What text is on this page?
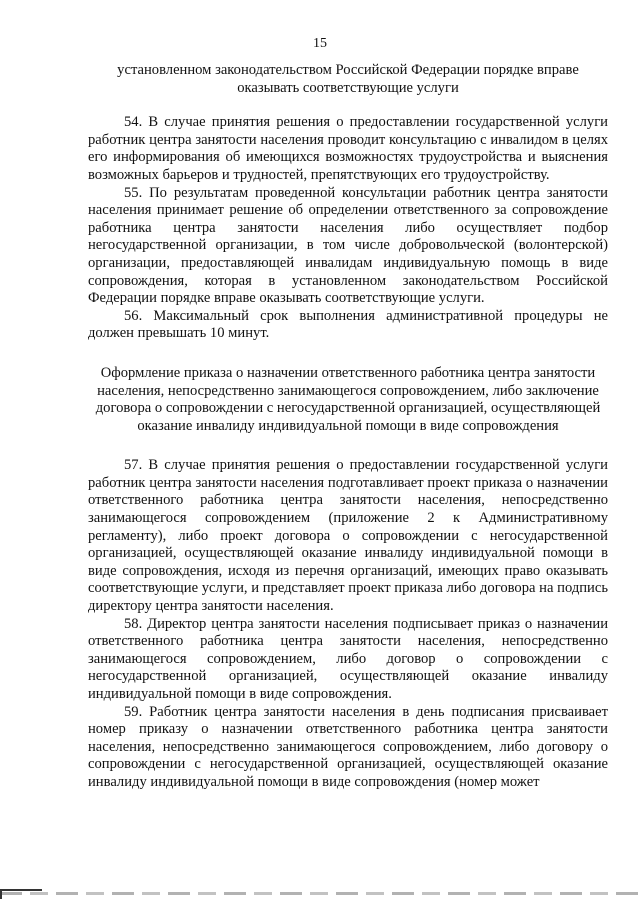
15

установленном законодательством Российской Федерации порядке вправе оказывать соответствующие услуги

54. В случае принятия решения о предоставлении государственной услуги работник центра занятости населения проводит консультацию с инвалидом в целях его информирования об имеющихся возможностях трудоустройства и выяснения возможных барьеров и трудностей, препятствующих его трудоустройству.

55. По результатам проведенной консультации работник центра занятости населения принимает решение об определении ответственного за сопровождение работника центра занятости населения либо осуществляет подбор негосударственной организации, в том числе добровольческой (волонтерской) организации, предоставляющей инвалидам индивидуальную помощь в виде сопровождения, которая в установленном законодательством Российской Федерации порядке вправе оказывать соответствующие услуги.

56. Максимальный срок выполнения административной процедуры не должен превышать 10 минут.

Оформление приказа о назначении ответственного работника центра занятости населения, непосредственно занимающегося сопровождением, либо заключение договора о сопровождении с негосударственной организацией, осуществляющей оказание инвалиду индивидуальной помощи в виде сопровождения

57. В случае принятия решения о предоставлении государственной услуги работник центра занятости населения подготавливает проект приказа о назначении ответственного работника центра занятости населения, непосредственно занимающегося сопровождением (приложение 2 к Административному регламенту), либо проект договора о сопровождении с негосударственной организацией, осуществляющей оказание инвалиду индивидуальной помощи в виде сопровождения, исходя из перечня организаций, имеющих право оказывать соответствующие услуги, и представляет проект приказа либо договора на подпись директору центра занятости населения.

58. Директор центра занятости населения подписывает приказ о назначении ответственного работника центра занятости населения, непосредственно занимающегося сопровождением, либо договор о сопровождении с негосударственной организацией, осуществляющей оказание инвалиду индивидуальной помощи в виде сопровождения.

59. Работник центра занятости населения в день подписания присваивает номер приказу о назначении ответственного работника центра занятости населения, непосредственно занимающегося сопровождением, либо договору о сопровождении с негосударственной организацией, осуществляющей оказание инвалиду индивидуальной помощи в виде сопровождения (номер может
